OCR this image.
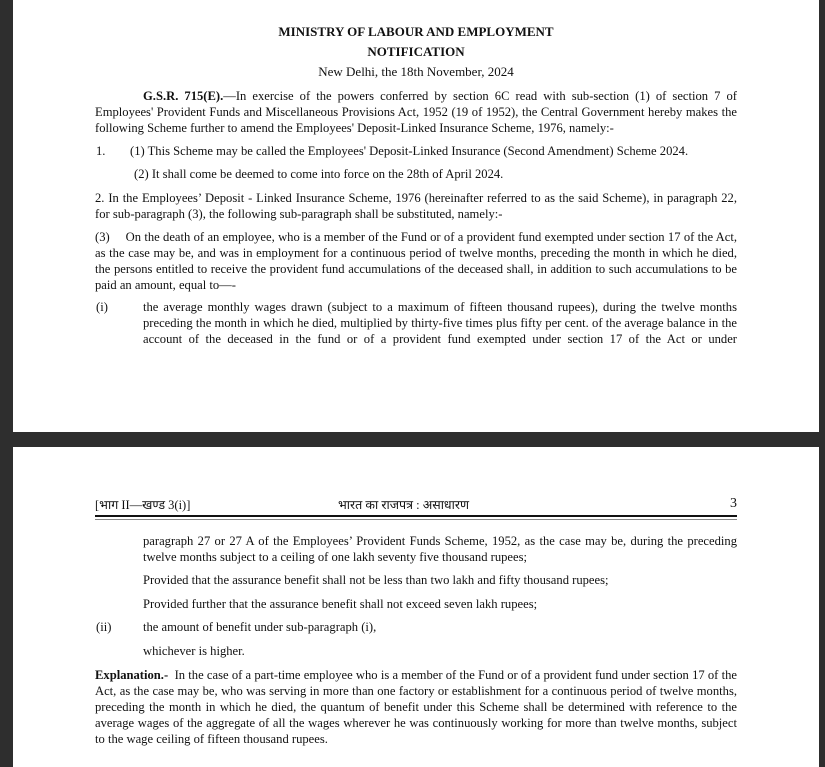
MINISTRY OF LABOUR AND EMPLOYMENT
NOTIFICATION
New Delhi, the 18th November, 2024
G.S.R. 715(E).—In exercise of the powers conferred by section 6C read with sub-section (1) of section 7 of Employees' Provident Funds and Miscellaneous Provisions Act, 1952 (19 of 1952), the Central Government hereby makes the following Scheme further to amend the Employees' Deposit-Linked Insurance Scheme, 1976, namely:-
1. (1) This Scheme may be called the Employees' Deposit-Linked Insurance (Second Amendment) Scheme 2024.
(2) It shall come be deemed to come into force on the 28th of April 2024.
2. In the Employees’ Deposit - Linked Insurance Scheme, 1976 (hereinafter referred to as the said Scheme), in paragraph 22, for sub-paragraph (3), the following sub-paragraph shall be substituted, namely:-
(3)  On the death of an employee, who is a member of the Fund or of a provident fund exempted under section 17 of the Act, as the case may be, and was in employment for a continuous period of twelve months, preceding the month in which he died, the persons entitled to receive the provident fund accumulations of the deceased shall, in addition to such accumulations to be paid an amount, equal to—-
(i)	the average monthly wages drawn (subject to a maximum of fifteen thousand rupees), during the twelve months preceding the month in which he died, multiplied by thirty-five times plus fifty per cent. of the average balance in the account of the deceased in the fund or of a provident fund exempted under section 17 of the Act or under
[भाग II—खण्ड 3(i)]	भारत का राजपत्र : असाधारण	3
paragraph 27 or 27 A of the Employees’ Provident Funds Scheme, 1952, as the case may be, during the preceding twelve months subject to a ceiling of one lakh seventy five thousand rupees;
Provided that the assurance benefit shall not be less than two lakh and fifty thousand rupees;
Provided further that the assurance benefit shall not exceed seven lakh rupees;
(ii)	the amount of benefit under sub-paragraph (i),
whichever is higher.
Explanation.-  In the case of a part-time employee who is a member of the Fund or of a provident fund under section 17 of the Act, as the case may be, who was serving in more than one factory or establishment for a continuous period of twelve months, preceding the month in which he died, the quantum of benefit under this Scheme shall be determined with reference to the average wages of the aggregate of all the wages wherever he was continuously working for more than twelve months, subject to the wage ceiling of fifteen thousand rupees.
